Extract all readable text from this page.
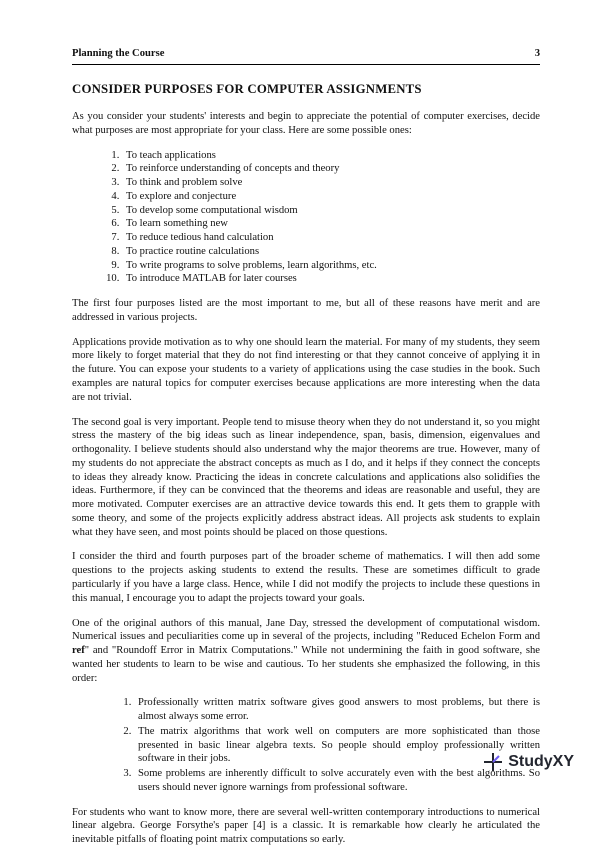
Planning the Course	3
CONSIDER PURPOSES FOR COMPUTER ASSIGNMENTS

As you consider your students' interests and begin to appreciate the potential of computer exercises, decide what purposes are most appropriate for your class. Here are some possible ones:

1. To teach applications
2. To reinforce understanding of concepts and theory
3. To think and problem solve
4. To explore and conjecture
5. To develop some computational wisdom
6. To learn something new
7. To reduce tedious hand calculation
8. To practice routine calculations
9. To write programs to solve problems, learn algorithms, etc.
10. To introduce MATLAB for later courses

The first four purposes listed are the most important to me, but all of these reasons have merit and are addressed in various projects.

Applications provide motivation as to why one should learn the material. For many of my students, they seem more likely to forget material that they do not find interesting or that they cannot conceive of applying it in the future. You can expose your students to a variety of applications using the case studies in the book. Such examples are natural topics for computer exercises because applications are more interesting when the data are not trivial.

The second goal is very important. People tend to misuse theory when they do not understand it, so you might stress the mastery of the big ideas such as linear independence, span, basis, dimension, eigenvalues and orthogonality. I believe students should also understand why the major theorems are true. However, many of my students do not appreciate the abstract concepts as much as I do, and it helps if they connect the concepts to ideas they already know. Practicing the ideas in concrete calculations and applications also solidifies the ideas. Furthermore, if they can be convinced that the theorems and ideas are reasonable and useful, they are more motivated. Computer exercises are an attractive device towards this end. It gets them to grapple with some theory, and some of the projects explicitly address abstract ideas. All projects ask students to explain what they have seen, and most points should be placed on those questions.

I consider the third and fourth purposes part of the broader scheme of mathematics. I will then add some questions to the projects asking students to extend the results. These are sometimes difficult to grade particularly if you have a large class. Hence, while I did not modify the projects to include these questions in this manual, I encourage you to adapt the projects toward your goals.

One of the original authors of this manual, Jane Day, stressed the development of computational wisdom. Numerical issues and peculiarities come up in several of the projects, including "Reduced Echelon Form and ref" and "Roundoff Error in Matrix Computations." While not undermining the faith in good software, she wanted her students to learn to be wise and cautious. To her students she emphasized the following, in this order:

1. Professionally written matrix software gives good answers to most problems, but there is almost always some error.
2. The matrix algorithms that work well on computers are more sophisticated than those presented in basic linear algebra texts. So people should employ professionally written software in their jobs.
3. Some problems are inherently difficult to solve accurately even with the best algorithms. So users should never ignore warnings from professional software.

For students who want to know more, there are several well-written contemporary introductions to numerical linear algebra. George Forsythe's paper [4] is a classic. It is remarkable how clearly he articulated the inevitable pitfalls of floating point matrix computations so early.

StudyXY
